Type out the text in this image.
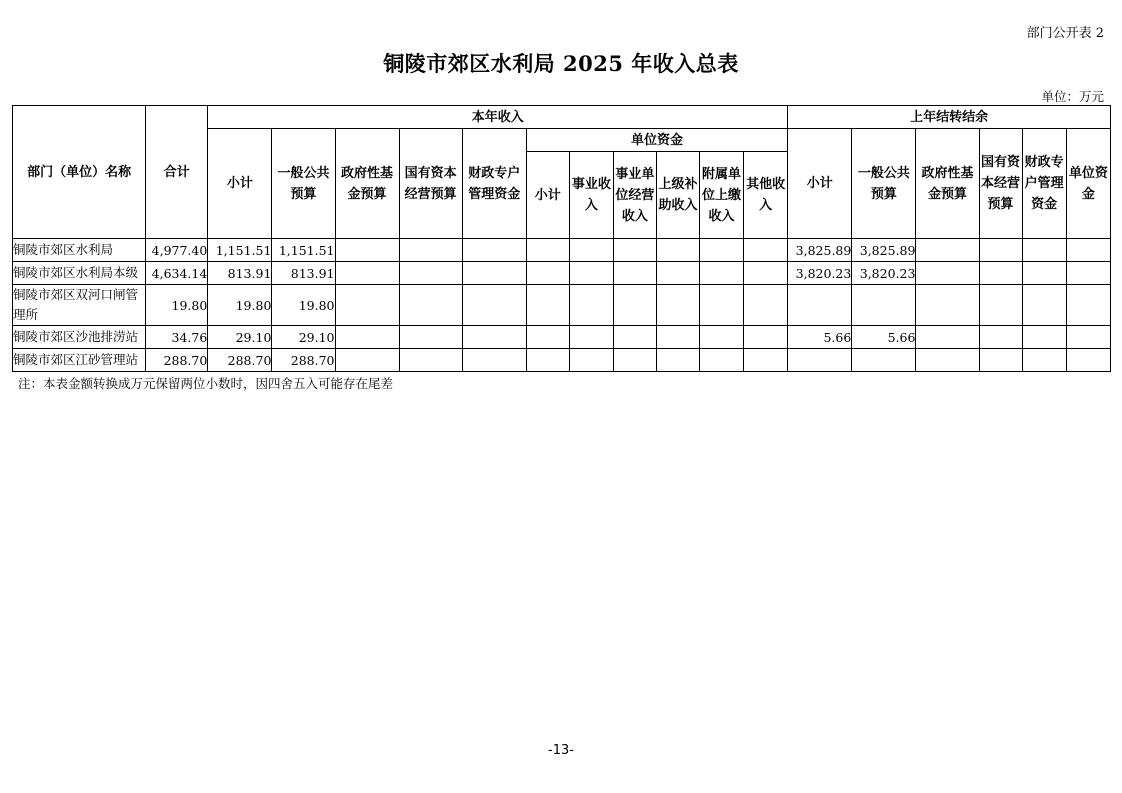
部门公开表 2
铜陵市郊区水利局 2025 年收入总表
单位：万元
部门（单位）名称	合计	本年收入											上年结转结余					
		小计	一般公共预算	政府性基金预算	国有资本经营预算	财政专户管理资金	单位资金						小计	一般公共预算	政府性基金预算	国有资本经营预算	财政专户管理资金	单位资金
							小计	事业收入	事业单位经营收入	上级补助收入	附属单位上缴收入	其他收入						
铜陵市郊区水利局	4,977.40	1,151.51	1,151.51										3,825.89	3,825.89				
铜陵市郊区水利局本级	4,634.14	813.91	813.91										3,820.23	3,820.23				
铜陵市郊区双河口闸管理所	19.80	19.80	19.80															
铜陵市郊区沙池排涝站	34.76	29.10	29.10										5.66	5.66				
铜陵市郊区江砂管理站	288.70	288.70	288.70															
注：本表金额转换成万元保留两位小数时，因四舍五入可能存在尾差
-13-
